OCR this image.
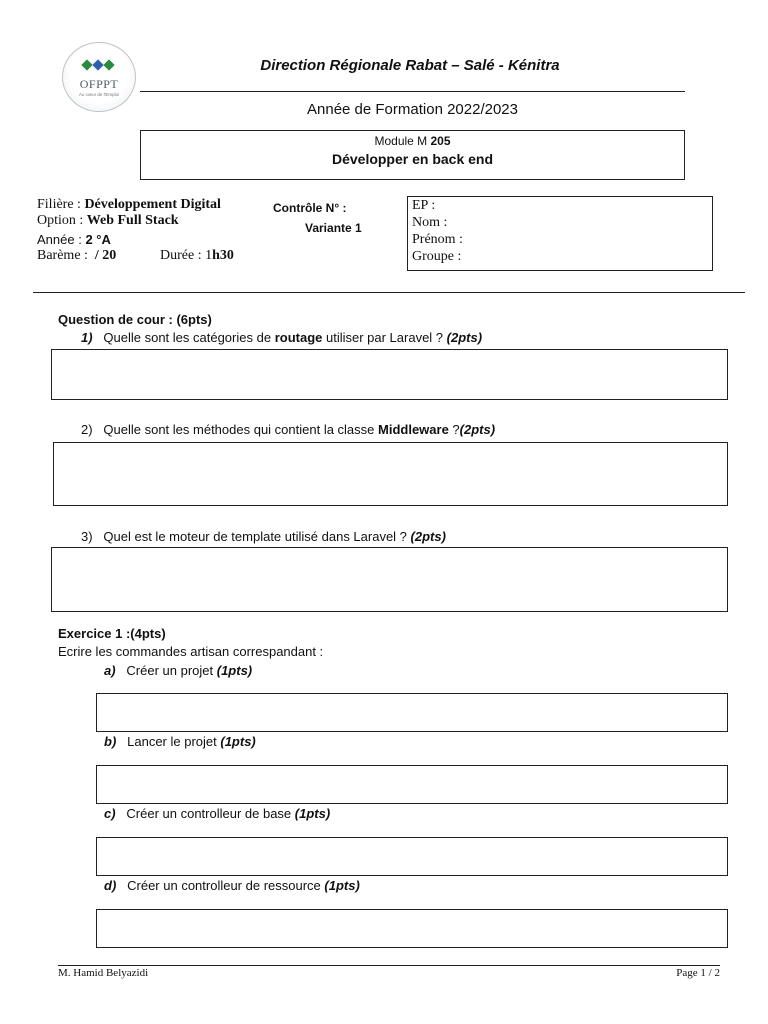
OFPPT
Au cœur de l'Emploi
Direction Régionale Rabat – Salé - Kénitra
Année de Formation 2022/2023
Module M 205
Développer en back end
Filière : Développement Digital
Option : Web Full Stack
Année : 2 °A
Barème : / 20	Durée : 1h30
Contrôle N° :
Variante 1
EP :
Nom :
Prénom :
Groupe :
Question de cour : (6pts)
1) Quelle sont les catégories de routage utiliser par Laravel ? (2pts)
2) Quelle sont les méthodes qui contient la classe Middleware ?(2pts)
3) Quel est le moteur de template utilisé dans Laravel ? (2pts)
Exercice 1 :(4pts)
Ecrire les commandes artisan correspandant :
a) Créer un projet (1pts)
b) Lancer le projet (1pts)
c) Créer un controlleur de base (1pts)
d) Créer un controlleur de ressource (1pts)
M. Hamid Belyazidi	Page 1 / 2
